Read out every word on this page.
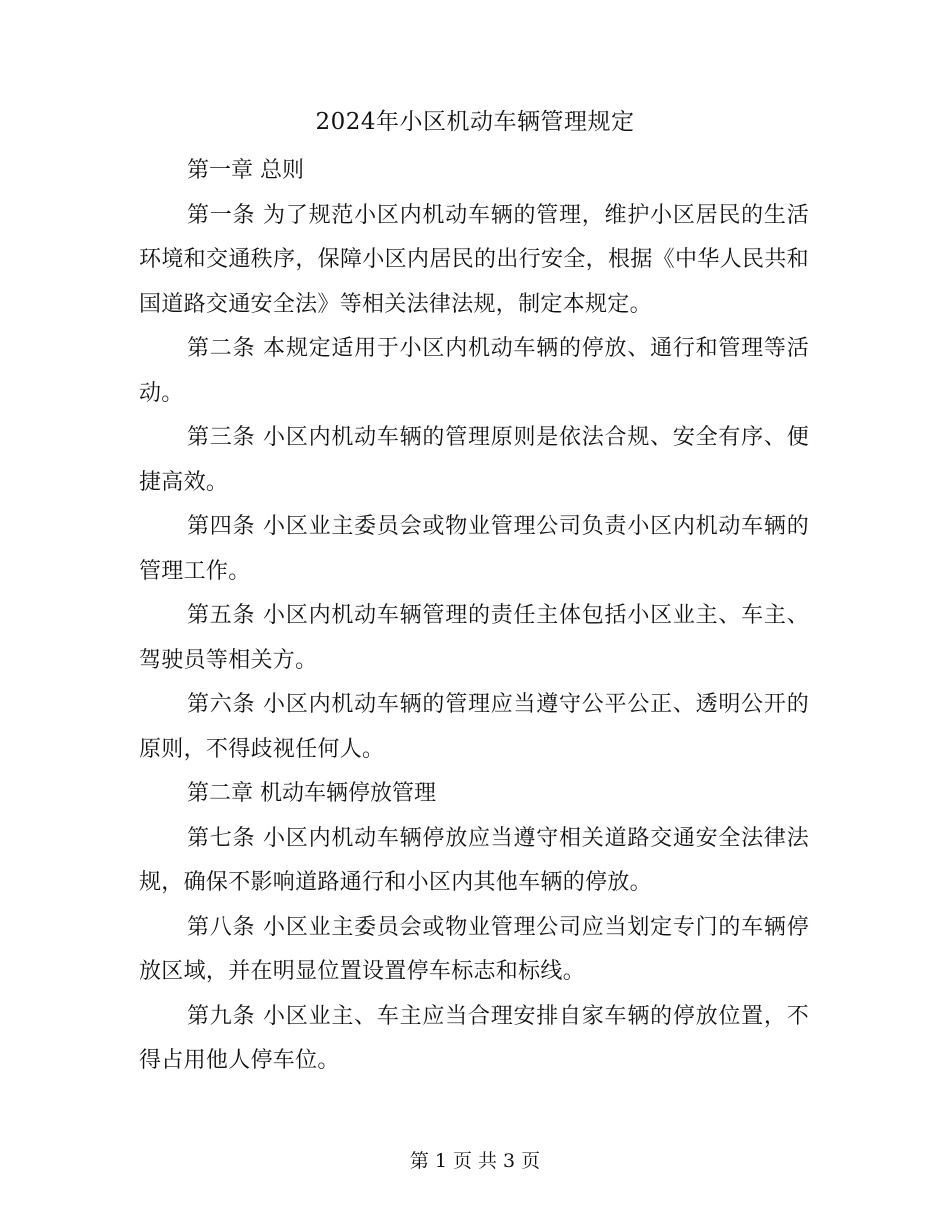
2024年小区机动车辆管理规定

第一章 总则

第一条 为了规范小区内机动车辆的管理，维护小区居民的生活环境和交通秩序，保障小区内居民的出行安全，根据《中华人民共和国道路交通安全法》等相关法律法规，制定本规定。

第二条 本规定适用于小区内机动车辆的停放、通行和管理等活动。

第三条 小区内机动车辆的管理原则是依法合规、安全有序、便捷高效。

第四条 小区业主委员会或物业管理公司负责小区内机动车辆的管理工作。

第五条 小区内机动车辆管理的责任主体包括小区业主、车主、驾驶员等相关方。

第六条 小区内机动车辆的管理应当遵守公平公正、透明公开的原则，不得歧视任何人。

第二章 机动车辆停放管理

第七条 小区内机动车辆停放应当遵守相关道路交通安全法律法规，确保不影响道路通行和小区内其他车辆的停放。

第八条 小区业主委员会或物业管理公司应当划定专门的车辆停放区域，并在明显位置设置停车标志和标线。

第九条 小区业主、车主应当合理安排自家车辆的停放位置，不得占用他人停车位。

第 1 页 共 3 页
